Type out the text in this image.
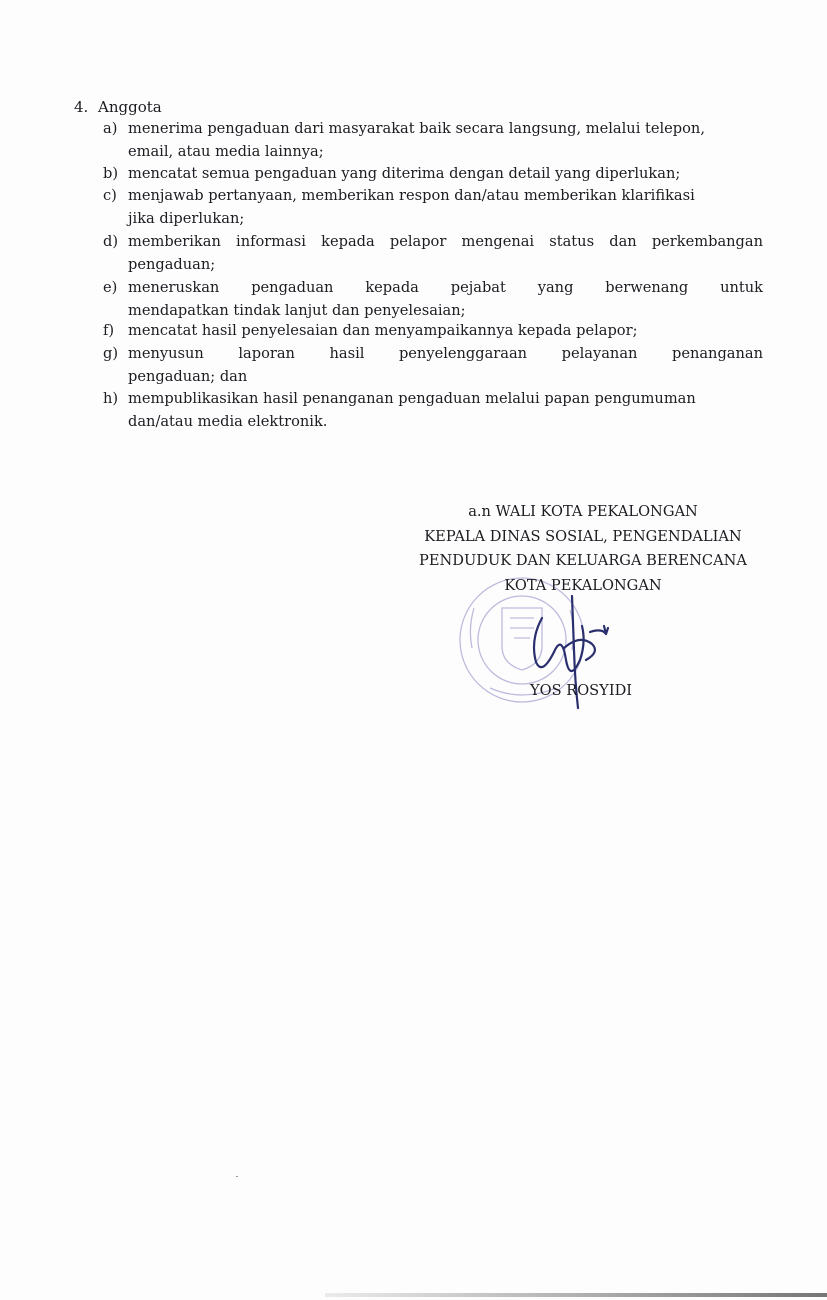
4. Anggota
a) menerima pengaduan dari masyarakat baik secara langsung, melalui telepon,
email, atau media lainnya;
b) mencatat semua pengaduan yang diterima dengan detail yang diperlukan;
c) menjawab pertanyaan, memberikan respon dan/atau memberikan klarifikasi
jika diperlukan;
d) memberikan informasi kepada pelapor mengenai status dan perkembangan
pengaduan;
e) meneruskan pengaduan kepada pejabat yang berwenang untuk
mendapatkan tindak lanjut dan penyelesaian;
f) mencatat hasil penyelesaian dan menyampaikannya kepada pelapor;
g) menyusun laporan hasil penyelenggaraan pelayanan penanganan
pengaduan; dan
h) mempublikasikan hasil penanganan pengaduan melalui papan pengumuman
dan/atau media elektronik.
a.n WALI KOTA PEKALONGAN
KEPALA DINAS SOSIAL, PENGENDALIAN
PENDUDUK DAN KELUARGA BERENCANA
KOTA PEKALONGAN
YOS ROSYIDI
